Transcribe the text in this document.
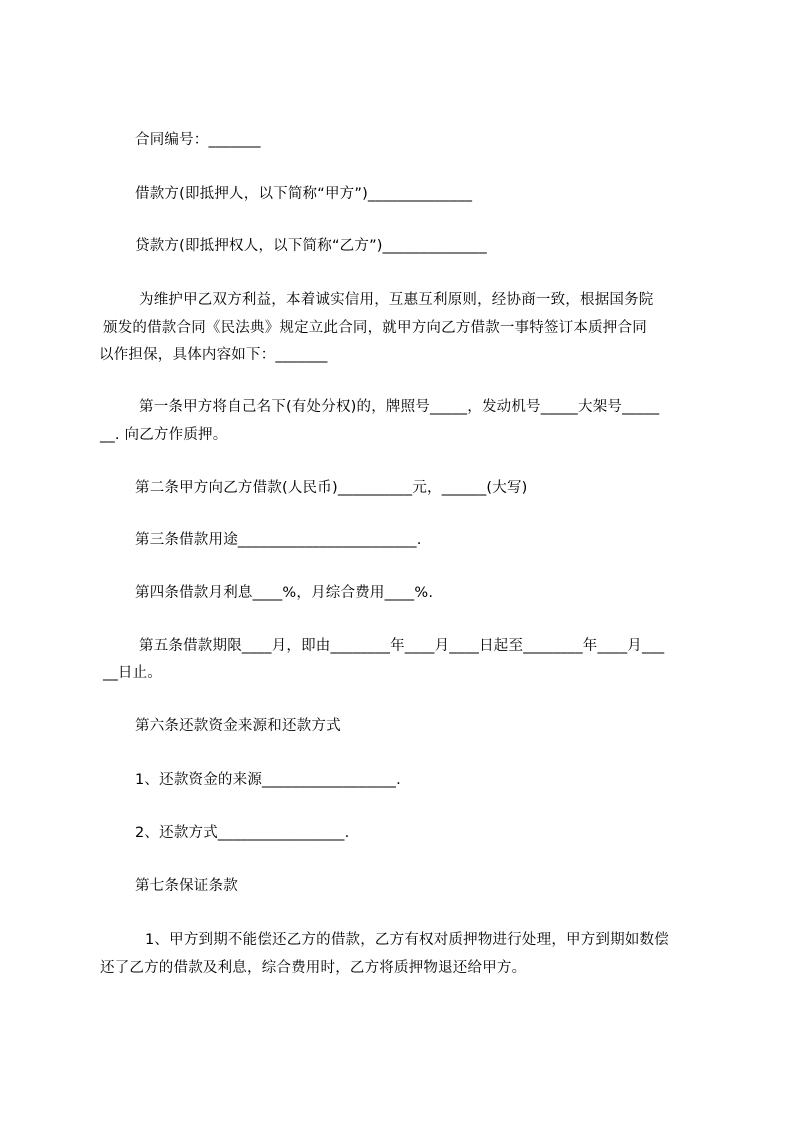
合同编号：_______
借款方(即抵押人，以下简称“甲方”)______________
贷款方(即抵押权人，以下简称“乙方”)______________
为维护甲乙双方利益，本着诚实信用，互惠互利原则，经协商一致，根据国务院
颁发的借款合同《民法典》规定立此合同，就甲方向乙方借款一事特签订本质押合同
以作担保，具体内容如下：_______
第一条甲方将自己名下(有处分权)的，牌照号_____，发动机号_____大架号_____
__. 向乙方作质押。
第二条甲方向乙方借款(人民币)__________元，______(大写)
第三条借款用途________________________.
第四条借款月利息____%，月综合费用____%.
第五条借款期限____月，即由________年____月____日起至________年____月___
__日止。
第六条还款资金来源和还款方式
1、还款资金的来源__________________.
2、还款方式_________________.
第七条保证条款
1、甲方到期不能偿还乙方的借款，乙方有权对质押物进行处理，甲方到期如数偿
还了乙方的借款及利息，综合费用时，乙方将质押物退还给甲方。
